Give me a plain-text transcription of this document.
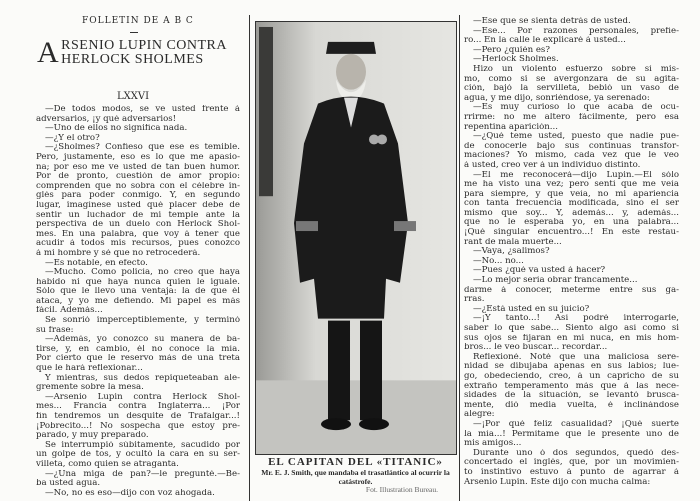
FOLLETIN DE A B C
ARSENIO LUPIN CONTRA HERLOCK SHOLMES
LXXVI
—De todos modos, se ve usted frente á
adversarios, ¡y qué adversarios!
—Uno de ellos no significa nada.
—¿Y el otro?
—¿Sholmes? Confieso que ese es temible.
Pero, justamente, eso es lo que me apasio-
na; por eso me ve usted de tan buen humor.
Por de pronto, cuestión de amor propio:
comprenden que no sobra con el célebre in-
glés para poder conmigo. Y, en segundo
lugar, imagínese usted qué placer debe de
sentir un luchador de mi temple ante la
perspectiva de un duelo con Herlock Shol-
mes. En una palabra, que voy á tener que
acudir á todos mis recursos, pues conozco
á mi hombre y sé que no retrocederá.
—Es notable, en efecto.
—Mucho. Como policía, no creo que haya
habido ni que haya nunca quien le iguale.
Sólo que le llevo una ventaja: la de que él
ataca, y yo me defiendo. Mi papel es más
fácil. Además...
Se sonrió imperceptiblemente, y terminó
su frase:
—Además, yo conozco su manera de ba-
tirse, y, en cambio, él no conoce la mía.
Por cierto que le reservo más de una treta
que le hará reflexionar...
Y mientras, sus dedos repiqueteaban ale-
gremente sobre la mesa.
—Arsenio Lupin contra Herlock Shol-
mes... Francia contra Inglaterra... ¡Por
fin tendremos un desquite de Trafalgar...!
¡Pobrecito...! No sospecha que estoy pre-
parado, y muy preparado.
Se interrumpió súbitamente, sacudido por
un golpe de tos, y ocultó la cara en su ser-
villeta, como quien se atraganta.
—¿Una miga de pan?—le pregunté.—Be-
ba usted agua.
—No, no es eso—dijo con voz ahogada.
—Ese que se sienta detrás de usted.
—Ese... Por razones personales, prefie-
ro... En la calle le explicaré á usted...
—Pero ¿quién es?
—Herlock Sholmes.
Hizo un violento esfuerzo sobre sí mis-
mo, como si se avergonzara de su agita-
ción, bajó la servilleta, bebió un vaso de
agua, y me dijo, sonriéndose, ya serenado:
—Es muy curioso lo que acaba de ocu-
rrirme: no me altero fácilmente, pero esa
repentina aparición...
—¿Qué teme usted, puesto que nadie pue-
de conocerle bajo sus continuas transfor-
maciones? Yo mismo, cada vez que le veo
á usted, creo ver á un individuo distinto.
—Él me reconocerá—dijo Lupin.—Él sólo
me ha visto una vez; pero sentí que me veía
para siempre, y que veía, no mi apariencia
con tanta frecuencia modificada, sino el ser
mismo que soy... Y, además... y, además...
que no le esperaba yo, en una palabra...
¡Qué singular encuentro...! En este restau-
rant de mala muerte...
—Vaya, ¿salimos?
—No... no...
—Pues ¿qué va usted á hacer?
—Lo mejor sería obrar francamente...
darme á conocer, meterme entre sus ga-
rras.
—¿Está usted en su juicio?
—¡Y tanto...! Así podré interrogarle,
saber lo que sabe... Siento algo así como si
sus ojos se fijaran en mi nuca, en mis hom-
bros... le veo buscar... recordar...
Reflexioné. Noté que una maliciosa sere-
nidad se dibujaba apenas en sus labios; lue-
go, obedeciendo, creo, á un capricho de su
extraño temperamento más que á las nece-
sidades de la situación, se levantó brusca-
mente, dió media vuelta, é inclinándose
alegre:
—¡Por qué feliz casualidad? ¡Qué suerte
la mía...! Permítame que le presente uno de
mis amigos...
Durante uno ó dos segundos, quedó des-
concertado el inglés, que, por un movimien-
to instintivo estuvo á punto de agarrar á
Arsenio Lupin. Este dijo con mucha calma:
EL CAPITAN DEL «TITANIC»
Mr. E. J. Smith, que mandaba el trasatlántico al ocurrir la catástrofe.
Fot. Illustration Bureau.
